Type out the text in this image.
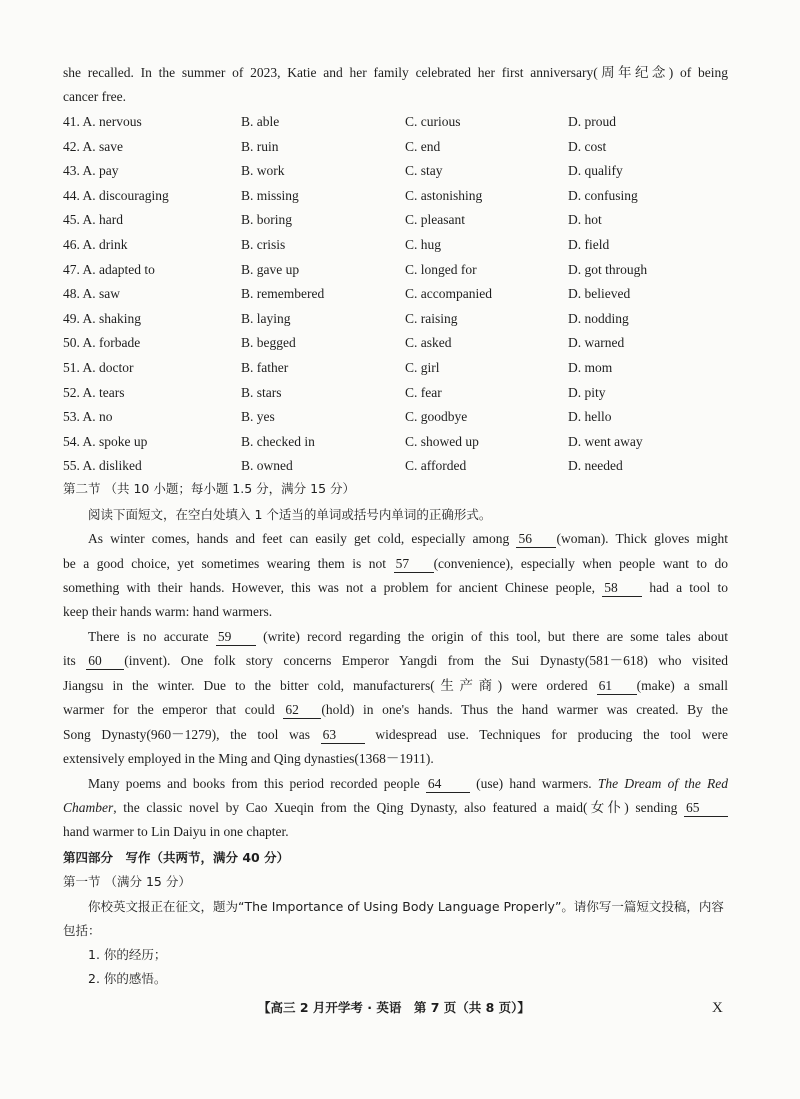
she recalled. In the summer of 2023, Katie and her family celebrated her first anniversary(周年纪念) of being
cancer free.
41. A. nervous	B. able	C. curious	D. proud
42. A. save	B. ruin	C. end	D. cost
43. A. pay	B. work	C. stay	D. qualify
44. A. discouraging	B. missing	C. astonishing	D. confusing
45. A. hard	B. boring	C. pleasant	D. hot
46. A. drink	B. crisis	C. hug	D. field
47. A. adapted to	B. gave up	C. longed for	D. got through
48. A. saw	B. remembered	C. accompanied	D. believed
49. A. shaking	B. laying	C. raising	D. nodding
50. A. forbade	B. begged	C. asked	D. warned
51. A. doctor	B. father	C. girl	D. mom
52. A. tears	B. stars	C. fear	D. pity
53. A. no	B. yes	C. goodbye	D. hello
54. A. spoke up	B. checked in	C. showed up	D. went away
55. A. disliked	B. owned	C. afforded	D. needed
第二节 （共 10 小题；每小题 1.5 分，满分 15 分）
阅读下面短文，在空白处填入 1 个适当的单词或括号内单词的正确形式。
As winter comes, hands and feet can easily get cold, especially among 56 (woman). Thick gloves might
be a good choice, yet sometimes wearing them is not 57 (convenience), especially when people want to do
something with their hands. However, this was not a problem for ancient Chinese people, 58 had a tool to
keep their hands warm: hand warmers.
There is no accurate 59 (write) record regarding the origin of this tool, but there are some tales about
its 60 (invent). One folk story concerns Emperor Yangdi from the Sui Dynasty(581－618) who visited
Jiangsu in the winter. Due to the bitter cold, manufacturers(生产商) were ordered 61 (make) a small
warmer for the emperor that could 62 (hold) in one's hands. Thus the hand warmer was created. By the
Song Dynasty(960－1279), the tool was 63	widespread use. Techniques for producing the tool were
extensively employed in the Ming and Qing dynasties(1368－1911).
Many poems and books from this period recorded people 64	(use) hand warmers. The Dream of the Red
Chamber, the classic novel by Cao Xueqin from the Qing Dynasty, also featured a maid(女仆) sending 65
hand warmer to Lin Daiyu in one chapter.
第四部分　写作（共两节，满分 40 分）
第一节 （满分 15 分）
你校英文报正在征文，题为“The Importance of Using Body Language Properly”。请你写一篇短文投稿，内容
包括：
1. 你的经历；
2. 你的感悟。
【高三 2 月开学考 · 英语　第 7 页（共 8 页）】	X
